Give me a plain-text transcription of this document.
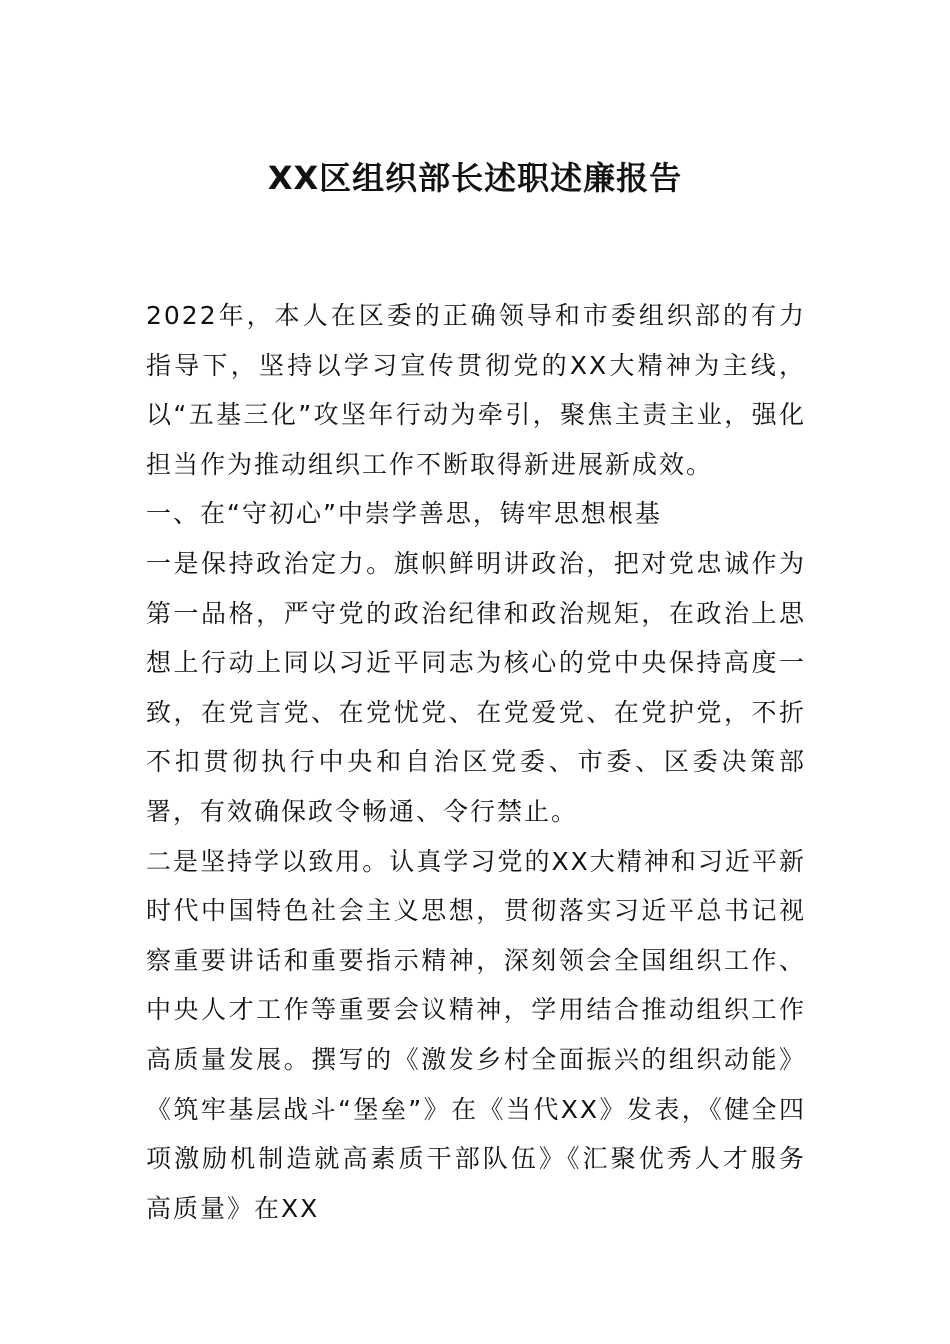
XX区组织部长述职述廉报告

2022年，本人在区委的正确领导和市委组织部的有力指导下，坚持以学习宣传贯彻党的XX大精神为主线，以“五基三化”攻坚年行动为牵引，聚焦主责主业，强化担当作为推动组织工作不断取得新进展新成效。

一、在“守初心”中崇学善思，铸牢思想根基

一是保持政治定力。旗帜鲜明讲政治，把对党忠诚作为第一品格，严守党的政治纪律和政治规矩，在政治上思想上行动上同以习近平同志为核心的党中央保持高度一致，在党言党、在党忧党、在党爱党、在党护党，不折不扣贯彻执行中央和自治区党委、市委、区委决策部署，有效确保政令畅通、令行禁止。

二是坚持学以致用。认真学习党的XX大精神和习近平新时代中国特色社会主义思想，贯彻落实习近平总书记视察重要讲话和重要指示精神，深刻领会全国组织工作、中央人才工作等重要会议精神，学用结合推动组织工作高质量发展。撰写的《激发乡村全面振兴的组织动能》《筑牢基层战斗“堡垒”》在《当代XX》发表，《健全四项激励机制造就高素质干部队伍》《汇聚优秀人才服务高质量》在XX
